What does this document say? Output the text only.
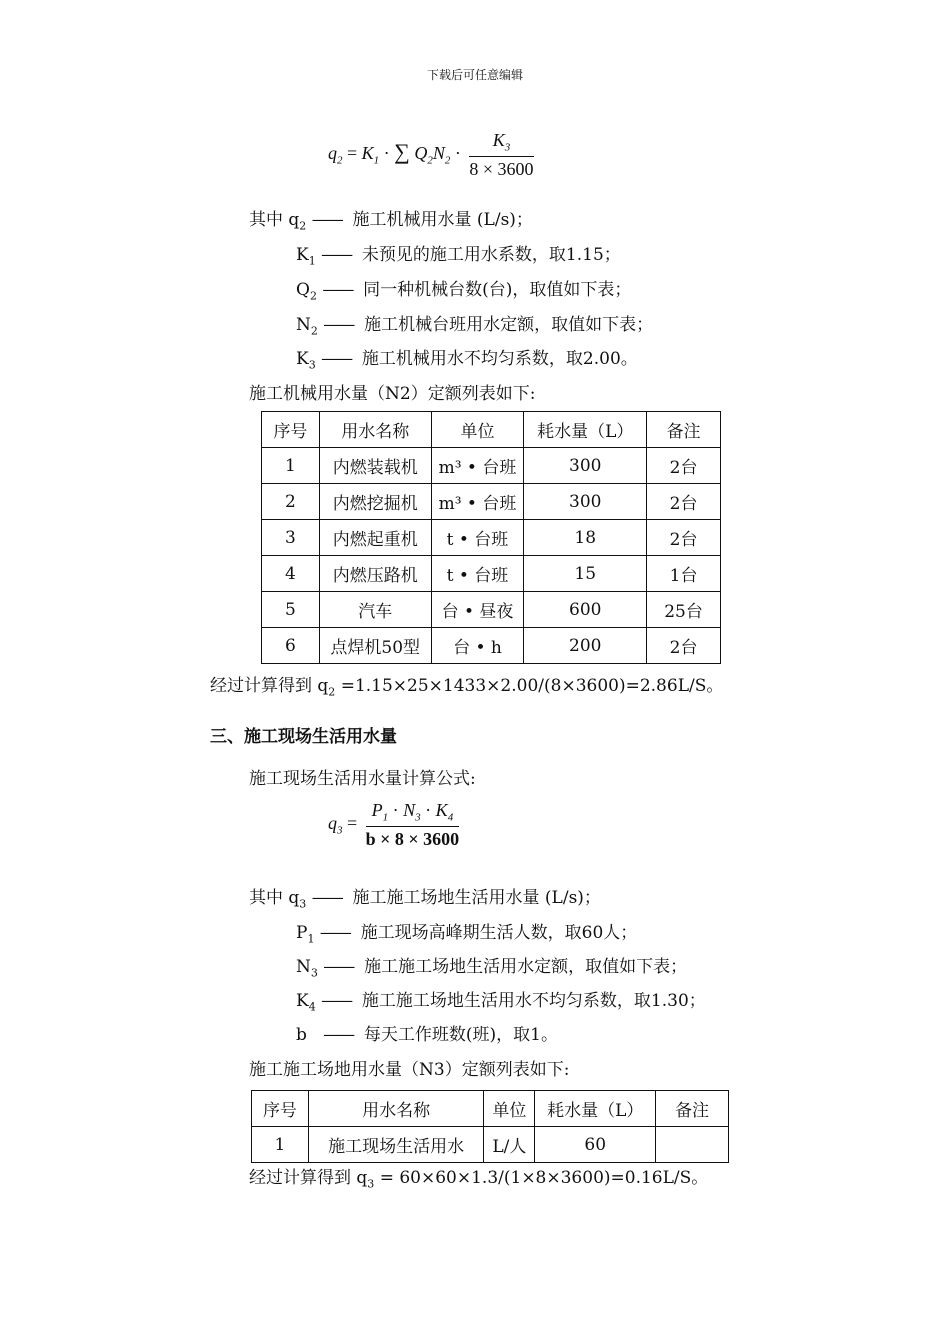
下载后可任意编辑
$q_2 = K_1$ · ∑ $Q_2N_2 \cdot \frac{K_3}{8 \times 3600}$
其中 $q_2$ —— 施工机械用水量 (L/s)；
$K_1$ —— 未预见的施工用水系数，取1.15；
$Q_2$ —— 同一种机械台数(台)，取值如下表；
$N_2$ —— 施工机械台班用水定额，取值如下表；
$K_3$ —— 施工机械用水不均匀系数，取2.00。
施工机械用水量（N2）定额列表如下:
序号	用水名称	单位	耗水量（L）	备注
1	内燃装载机	m³ • 台班	300	2台
2	内燃挖掘机	m³ • 台班	300	2台
3	内燃起重机	t • 台班	18	2台
4	内燃压路机	t • 台班	15	1台
5	汽车	台 • 昼夜	600	25台
6	点焊机50型	台 • h	200	2台
经过计算得到 $q_2 =1.15\times 25\times 1433\times 2.00/(8\times 3600)=2.86L/S$。
三、施工现场生活用水量
施工现场生活用水量计算公式:
$q_3 = \frac{P_1 \cdot N_3 \cdot K_4}{b \times 8 \times 3600}$
其中 $q_3$ —— 施工施工场地生活用水量 (L/s)；
$P_1$ —— 施工现场高峰期生活人数，取60人；
$N_3$ —— 施工施工场地生活用水定额，取值如下表；
$K_4$ —— 施工施工场地生活用水不均匀系数，取1.30；
b —— 每天工作班数(班)，取1。
施工施工场地用水量（N3）定额列表如下:
序号	用水名称	单位	耗水量（L）	备注
1	施工现场生活用水	L/人	60	
经过计算得到 $q_3 = 60\times 60\times 1.3/(1\times 8\times 3600)=0.16L/S$。
